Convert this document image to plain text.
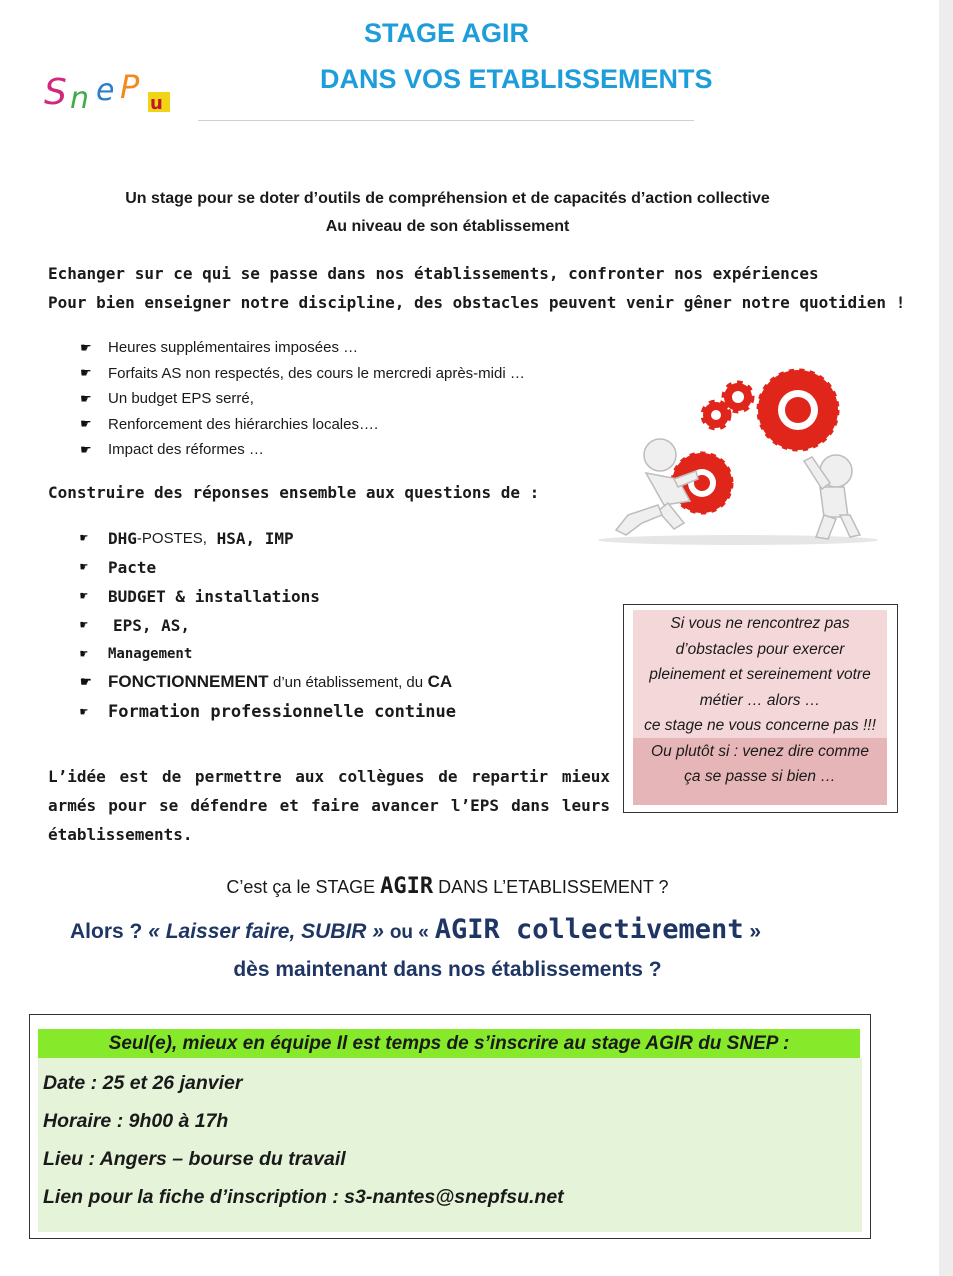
S n e P u
STAGE AGIR
DANS VOS ETABLISSEMENTS
Un stage pour se doter d’outils de compréhension et de capacités d’action collective
Au niveau de son établissement
Echanger sur ce qui se passe dans nos établissements, confronter nos expériences
Pour bien enseigner notre discipline, des obstacles peuvent venir gêner notre quotidien !
☛	Heures supplémentaires imposées …
☛	Forfaits AS non respectés, des cours le mercredi après-midi …
☛	Un budget EPS serré,
☛	Renforcement des hiérarchies locales….
☛	Impact des réformes …
Construire des réponses ensemble aux questions de :
☛	DHG -POSTES,
HSA, IMP
☛	Pacte
☛	BUDGET & installations
☛	EPS, AS,
☛	Management
☛ FONCTIONNEMENT
d’un établissement, du
CA
☛	Formation professionnelle continue
Si vous ne rencontrez pas
d’obstacles pour exercer
pleinement et sereinement votre
métier … alors …
ce stage ne vous concerne pas !!!
Ou plutôt si : venez dire comme
ça se passe si bien …
L’idée est de permettre aux collègues de repartir mieux armés pour se défendre et faire avancer l’EPS dans leurs établissements.
C’est ça le STAGE AGIR DANS L’ETABLISSEMENT ?
Alors ? « Laisser faire, SUBIR » ou « AGIR collectivement »
dès maintenant dans nos établissements ?
Seul(e), mieux en équipe Il est temps de s’inscrire au stage AGIR du SNEP :
Date : 25 et 26 janvier
Horaire : 9h00 à 17h
Lieu : Angers – bourse du travail
Lien pour la fiche d’inscription : s3-nantes@snepfsu.net
